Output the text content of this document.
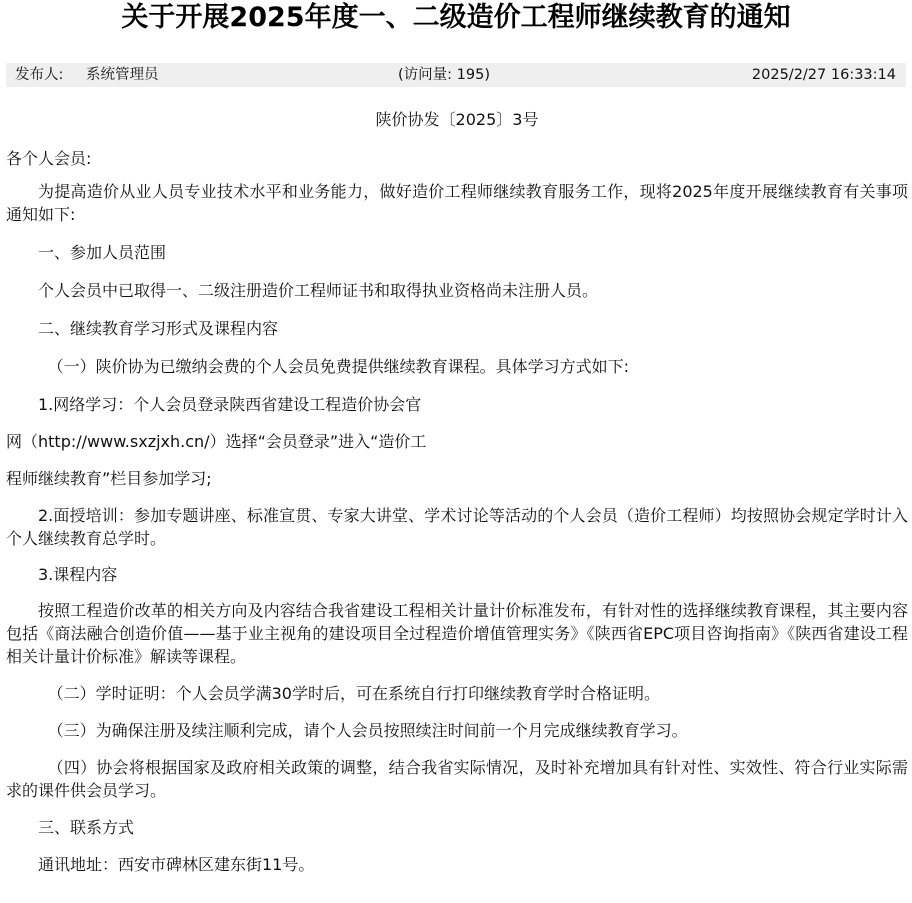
关于开展2025年度一、二级造价工程师继续教育的通知
发布人: 系统管理员	(访问量: 195)	2025/2/27 16:33:14

陕价协发〔2025〕3号

各个人会员:

为提高造价从业人员专业技术水平和业务能力，做好造价工程师继续教育服务工作，现将2025年度开展继续教育有关事项通知如下:

一、参加人员范围

个人会员中已取得一、二级注册造价工程师证书和取得执业资格尚未注册人员。

二、继续教育学习形式及课程内容

（一）陕价协为已缴纳会费的个人会员免费提供继续教育课程。具体学习方式如下:

1.网络学习：个人会员登录陕西省建设工程造价协会官

网（http://www.sxzjxh.cn/）选择“会员登录”进入“造价工

程师继续教育”栏目参加学习;

2.面授培训：参加专题讲座、标准宣贯、专家大讲堂、学术讨论等活动的个人会员（造价工程师）均按照协会规定学时计入个人继续教育总学时。

3.课程内容

按照工程造价改革的相关方向及内容结合我省建设工程相关计量计价标准发布，有针对性的选择继续教育课程，其主要内容包括《商法融合创造价值——基于业主视角的建设项目全过程造价增值管理实务》《陕西省EPC项目咨询指南》《陕西省建设工程相关计量计价标准》解读等课程。

（二）学时证明：个人会员学满30学时后，可在系统自行打印继续教育学时合格证明。

（三）为确保注册及续注顺利完成，请个人会员按照续注时间前一个月完成继续教育学习。

（四）协会将根据国家及政府相关政策的调整，结合我省实际情况，及时补充增加具有针对性、实效性、符合行业实际需求的课件供会员学习。

三、联系方式

通讯地址：西安市碑林区建东街11号。
